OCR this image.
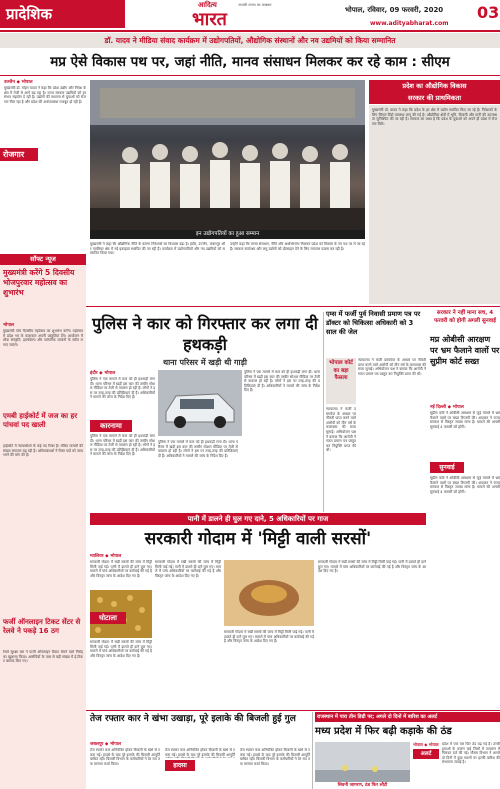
प्रादेशिक	आदित्य
भारत
आपकी जनता का अखबार
भोपाल, रविवार, 09 फरवरी, 2020 03
www.adityabharat.com
डॉ. यादव ने मीडिया संवाद कार्यक्रम में उद्योगपतियों, औद्योगिक संस्थानों और नव उद्यमियों को किया सम्मानित
मप्र ऐसे विकास पथ पर, जहां नीति, मानव संसाधन मिलकर कर रहे काम : सीएम
उज्जैन ◆ भोपाल
मुख्यमंत्री डॉ. मोहन यादव ने कहा कि प्रदेश उद्योग और निवेश के क्षेत्र में तेजी से आगे बढ़ रहा है। राज्य सरकार उद्यमियों को हर संभव सहयोग दे रही है। उद्योगों की स्थापना से युवाओं को रोजगार मिल रहा है और प्रदेश की अर्थव्यवस्था मजबूत हो रही है।
रोजगार
इन उद्योगपतियों का हुआ सम्मान
मुख्यमंत्री ने कहा कि औद्योगिक नीति के कारण निवेशकों का विश्वास बढ़ा है। इंदौर, उज्जैन, जबलपुर और ग्वालियर क्षेत्र में नई इकाइयां स्थापित की जा रही हैं। कार्यक्रम में उद्योगपतियों और नव उद्यमियों को सम्मानित किया गया।
उन्होंने कहा कि मानव संसाधन, नीति और अधोसंरचना मिलकर प्रदेश को विकास के नए पथ पर ले जा रहे हैं। सरकार स्टार्टअप और लघु उद्योगों को प्रोत्साहन देने के लिए लगातार प्रयास कर रही है।
प्रदेश का औद्योगिक विकास
सरकार की प्राथमिकता
मुख्यमंत्री डॉ. यादव ने कहा कि प्रदेश के हर क्षेत्र में उद्योग स्थापित किए जा रहे हैं। निवेशकों के लिए सिंगल विंडो व्यवस्था लागू की गई है। औद्योगिक क्षेत्रों में भूमि, बिजली और पानी की उपलब्धता सुनिश्चित की जा रही है। सरकार का लक्ष्य है कि प्रदेश के युवाओं को अपने ही प्रदेश में रोजगार मिले।
सॉफ्ट न्यूज
मुख्यमंत्री करेंगे 5 दिवसीय भोजपुरवार महोत्सव का शुभारंभ
भोपाल
मुख्यमंत्री पांच दिवसीय महोत्सव का शुभारंभ करेंगे। महोत्सव में प्रदेश भर के कलाकार अपनी प्रस्तुतियां देंगे। आयोजन में लोक संस्कृति, हस्तशिल्प और पारंपरिक व्यंजनों के स्टॉल लगाए जाएंगे।
एमबी हाईकोर्ट में जज का हर पांचवां पद खाली
हाईकोर्ट में न्यायाधीशों के कई पद रिक्त हैं। लंबित मामलों की संख्या लगातार बढ़ रही है। अधिवक्ताओं ने रिक्त पदों को जल्द भरने की मांग की है।
फर्जी ऑनलाइन टिकट सेंटर से रेलवे ने पकड़े 16 ठग
रेलवे सुरक्षा बल ने फर्जी ऑनलाइन टिकट बेचने वाले गिरोह का खुलासा किया। आरोपियों के पास से बड़ी संख्या में ई-टिकट बरामद किए गए।
पुलिस ने कार को गिरफ्तार कर लगा दी हथकड़ी
थाना परिसर में खड़ी थी गाड़ी
कारनामा
इंदौर ◆ भोपाल
पुलिस ने एक मामले में कार को ही हथकड़ी लगा दी। थाना परिसर में खड़ी इस कार की तस्वीर सोशल मीडिया पर तेजी से वायरल हो रही है। लोगों ने इस पर तरह-तरह की प्रतिक्रियाएं दी हैं। अधिकारियों ने मामले की जांच के निर्देश दिए हैं।
पुलिस ने एक मामले में कार को ही हथकड़ी लगा दी। थाना परिसर में खड़ी इस कार की तस्वीर सोशल मीडिया पर तेजी से वायरल हो रही है। लोगों ने इस पर तरह-तरह की प्रतिक्रियाएं दी हैं। अधिकारियों ने मामले की जांच के निर्देश दिए हैं।
पुलिस ने एक मामले में कार को ही हथकड़ी लगा दी। थाना परिसर में खड़ी इस कार की तस्वीर सोशल मीडिया पर तेजी से वायरल हो रही है। लोगों ने इस पर तरह-तरह की प्रतिक्रियाएं दी हैं। अधिकारियों ने मामले की जांच के निर्देश दिए हैं।
पुलिस ने एक मामले में कार को ही हथकड़ी लगा दी। थाना परिसर में खड़ी इस कार की तस्वीर सोशल मीडिया पर तेजी से वायरल हो रही है। लोगों ने इस पर तरह-तरह की प्रतिक्रियाएं दी हैं। अधिकारियों ने मामले की जांच के निर्देश दिए हैं।
एम्स में फर्जी पुर्व निवासी प्रमाण पत्र पर डॉक्टर को चिकित्सा अधिकारी को 3 साल की जेल
भोपाल कोर्ट का बड़ा फैसला
न्यायालय ने फर्जी दस्तावेज के आधार पर नौकरी प्राप्त करने वाले आरोपी को तीन वर्ष के कारावास की सजा सुनाई। अभियोजन पक्ष ने बताया कि आरोपी ने गलत प्रमाण पत्र प्रस्तुत कर नियुक्ति प्राप्त की थी।
न्यायालय ने फर्जी दस्तावेज के आधार पर नौकरी प्राप्त करने वाले आरोपी को तीन वर्ष के कारावास की सजा सुनाई। अभियोजन पक्ष ने बताया कि आरोपी ने गलत प्रमाण पत्र प्रस्तुत कर नियुक्ति प्राप्त की थी।
सरकार ने नहीं माना सच, 4 फरवरी को होगी अगली सुनवाई
मप्र ओबीसी आरक्षण पर भ्रम फैलाने वालों पर सुप्रीम कोर्ट सख्त
नई दिल्ली ◆ भोपाल
सुनवाई
सुप्रीम कोर्ट ने ओबीसी आरक्षण से जुड़े मामले में भ्रम फैलाने वालों पर सख्त टिप्पणी की। अदालत ने राज्य सरकार से विस्तृत जवाब मांगा है। मामले की अगली सुनवाई 4 फरवरी को होगी।
सुप्रीम कोर्ट ने ओबीसी आरक्षण से जुड़े मामले में भ्रम फैलाने वालों पर सख्त टिप्पणी की। अदालत ने राज्य सरकार से विस्तृत जवाब मांगा है। मामले की अगली सुनवाई 4 फरवरी को होगी।
पानी में डालने ही घुल गए दाने, 5 अधिकारियों पर गाज
सरकारी गोदाम में 'मिट्टी वाली सरसों'
ग्वालियर ◆ भोपाल
सरकारी गोदाम में रखी सरसों की जांच में मिट्टी मिली पाई गई। पानी में डालते ही दाने घुल गए। मामले में पांच अधिकारियों पर कार्रवाई की गई है और विस्तृत जांच के आदेश दिए गए हैं।
घोटाला
सरकारी गोदाम में रखी सरसों की जांच में मिट्टी मिली पाई गई। पानी में डालते ही दाने घुल गए। मामले में पांच अधिकारियों पर कार्रवाई की गई है और विस्तृत जांच के आदेश दिए गए हैं।
सरकारी गोदाम में रखी सरसों की जांच में मिट्टी मिली पाई गई। पानी में डालते ही दाने घुल गए। मामले में पांच अधिकारियों पर कार्रवाई की गई है और विस्तृत जांच के आदेश दिए गए हैं।
सरकारी गोदाम में रखी सरसों की जांच में मिट्टी मिली पाई गई। पानी में डालते ही दाने घुल गए। मामले में पांच अधिकारियों पर कार्रवाई की गई है और विस्तृत जांच के आदेश दिए गए हैं।
सरकारी गोदाम में रखी सरसों की जांच में मिट्टी मिली पाई गई। पानी में डालते ही दाने घुल गए। मामले में पांच अधिकारियों पर कार्रवाई की गई है और विस्तृत जांच के आदेश दिए गए हैं।
तेज रफ्तार कार ने खंभा उखाड़ा, पूरे इलाके की बिजली हुई गुल
जबलपुर ◆ भोपाल
तेज रफ्तार कार अनियंत्रित होकर बिजली के खंभे से टकरा गई। हादसे के बाद पूरे इलाके की बिजली आपूर्ति बाधित रही। बिजली विभाग के कर्मचारियों ने देर रात तक मरम्मत कार्य किया।	हादसा
तेज रफ्तार कार अनियंत्रित होकर बिजली के खंभे से टकरा गई। हादसे के बाद पूरे इलाके की बिजली आपूर्ति
तेज रफ्तार कार अनियंत्रित होकर बिजली के खंभे से टकरा गई। हादसे के बाद पूरे इलाके की बिजली आपूर्ति बाधित रही। बिजली विभाग के कर्मचारियों ने देर रात तक मरम्मत कार्य किया।
राजस्थान में पारा तीन डिग्री पर; अगले दो दिनों में बारिश का अलर्ट
मध्य प्रदेश में फिर बढ़ी कड़ाके की ठंड
सिवनी जागरण, ठंड फिर लौटी
भोपाल ◆ भोपाल
अलर्ट
प्रदेश में एक बार फिर ठंड बढ़ गई है। उत्तरी हवाओं के कारण कई जिलों में तापमान में गिरावट दर्ज की गई। मौसम विभाग ने अगले दो दिनों में कुछ स्थानों पर हल्की बारिश की संभावना जताई है।
